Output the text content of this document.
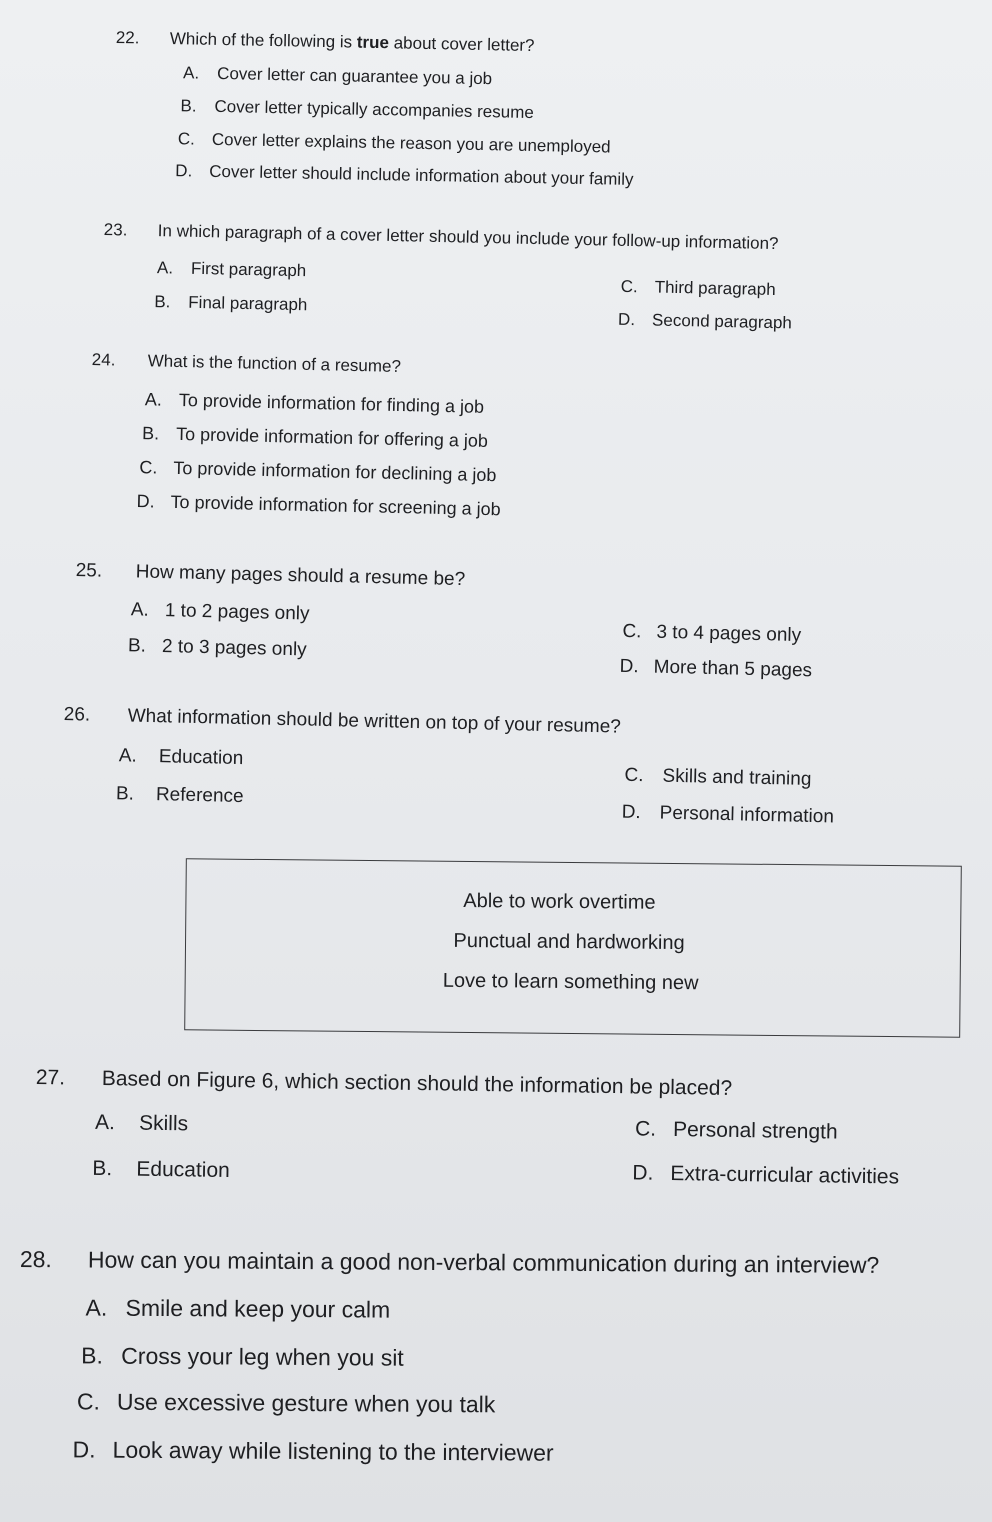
22. Which of the following is true about cover letter?
A. Cover letter can guarantee you a job
B. Cover letter typically accompanies resume
C. Cover letter explains the reason you are unemployed
D. Cover letter should include information about your family
23. In which paragraph of a cover letter should you include your follow-up information?
A. First paragraph
B. Final paragraph
C. Third paragraph
D. Second paragraph
24. What is the function of a resume?
A. To provide information for finding a job
B. To provide information for offering a job
C. To provide information for declining a job
D. To provide information for screening a job
25. How many pages should a resume be?
A. 1 to 2 pages only
B. 2 to 3 pages only
C. 3 to 4 pages only
D. More than 5 pages
26. What information should be written on top of your resume?
A. Education
B. Reference
C. Skills and training
D. Personal information
Able to work overtime
Punctual and hardworking
Love to learn something new
27. Based on Figure 6, which section should the information be placed?
A. Skills
B. Education
C. Personal strength
D. Extra-curricular activities
28. How can you maintain a good non-verbal communication during an interview?
A. Smile and keep your calm
B. Cross your leg when you sit
C. Use excessive gesture when you talk
D. Look away while listening to the interviewer
